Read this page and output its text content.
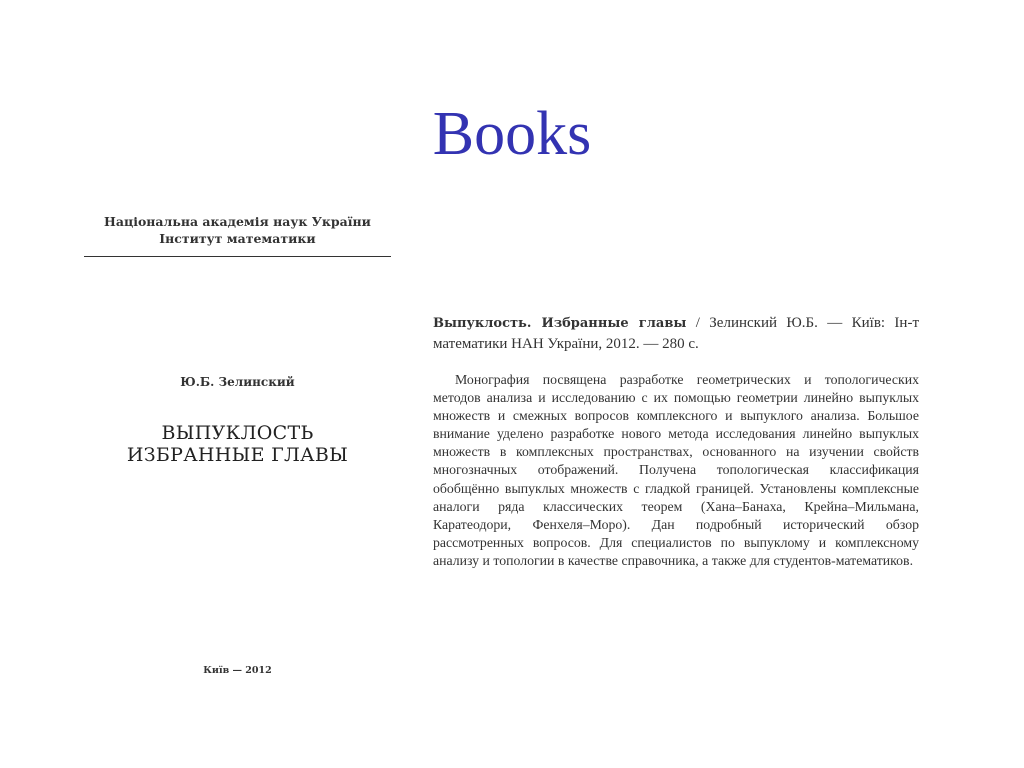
Books
Національна академія наук України
Інститут математики
Ю.Б. Зелинский
ВЫПУКЛОСТЬ
ИЗБРАННЫЕ ГЛАВЫ
Київ — 2012
Выпуклость. Избранные главы / Зелинский Ю.Б. — Київ: Ін-т математики НАН України, 2012. — 280 с.
Монография посвящена разработке геометрических и топологических методов анализа и исследованию с их помощью геометрии линейно выпуклых множеств и смежных вопросов комплексного и выпуклого анализа. Большое внимание уделено разработке нового метода исследования линейно выпуклых множеств в комплексных пространствах, основанного на изучении свойств многозначных отображений. Получена топологическая классификация обобщённо выпуклых множеств с гладкой границей. Установлены комплексные аналоги ряда классических теорем (Хана–Банаха, Крейна–Мильмана, Каратеодори, Фенхеля–Моро). Дан подробный исторический обзор рассмотренных вопросов. Для специалистов по выпуклому и комплексному анализу и топологии в качестве справочника, а также для студентов-математиков.
